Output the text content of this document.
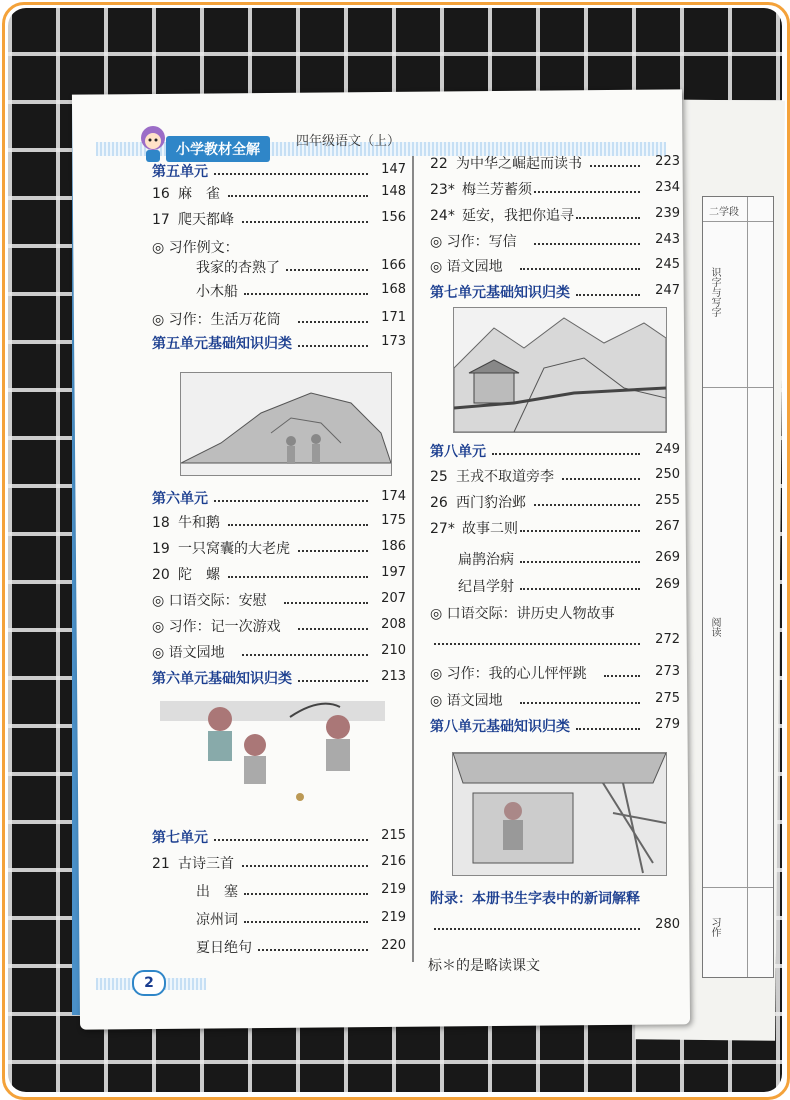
二学段
识字与写字
阅读
习作
小学教材全解
四年级语文（上）
第五单元	147
16 麻　雀	148
17 爬天都峰	156
◎ 习作例文：
我家的杏熟了	166
小木船	168
◎ 习作：生活万花筒	171
第五单元基础知识归类	173
第六单元	174
18 牛和鹅	175
19 一只窝囊的大老虎	186
20 陀　螺	197
◎ 口语交际：安慰	207
◎ 习作：记一次游戏	208
◎ 语文园地	210
第六单元基础知识归类	213
第七单元	215
21 古诗三首	216
出　塞	219
凉州词	219
夏日绝句	220
22 为中华之崛起而读书	223
23* 梅兰芳蓄须	234
24* 延安，我把你追寻	239
◎ 习作：写信	243
◎ 语文园地	245
第七单元基础知识归类	247
第八单元	249
25 王戎不取道旁李	250
26 西门豹治邺	255
27* 故事二则	267
扁鹊治病	269
纪昌学射	269
◎ 口语交际：讲历史人物故事
272
◎ 习作：我的心儿怦怦跳	273
◎ 语文园地	275
第八单元基础知识归类	279
附录：本册书生字表中的新词解释
280
2
标＊的是略读课文
